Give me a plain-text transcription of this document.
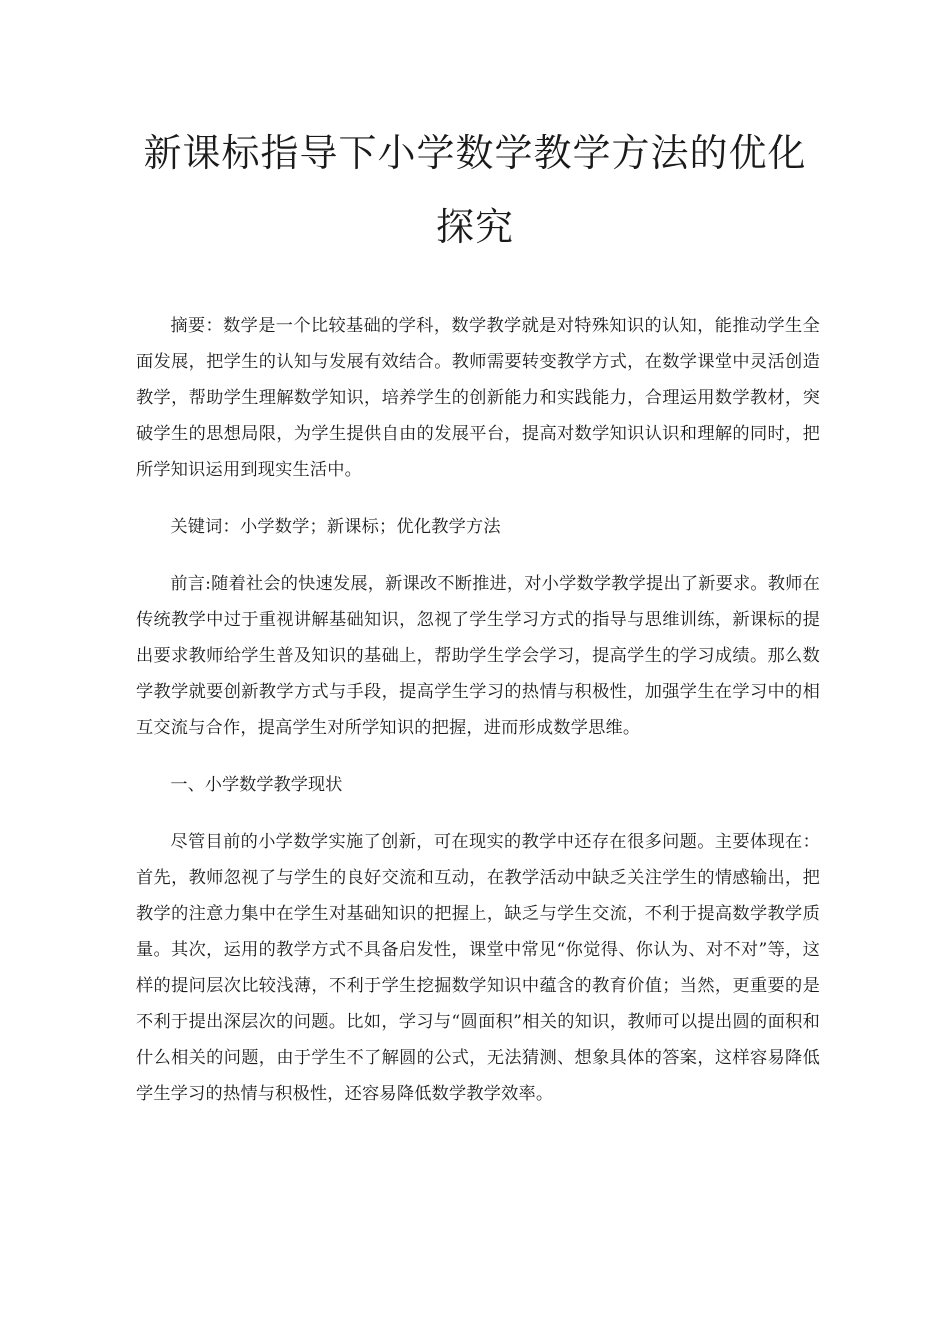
新课标指导下小学数学教学方法的优化
探究

摘要：数学是一个比较基础的学科，数学教学就是对特殊知识的认知，能推动学生全面发展，把学生的认知与发展有效结合。教师需要转变教学方式，在数学课堂中灵活创造教学，帮助学生理解数学知识，培养学生的创新能力和实践能力，合理运用数学教材，突破学生的思想局限，为学生提供自由的发展平台，提高对数学知识认识和理解的同时，把所学知识运用到现实生活中。

关键词：小学数学；新课标；优化教学方法

前言:随着社会的快速发展，新课改不断推进，对小学数学教学提出了新要求。教师在传统教学中过于重视讲解基础知识，忽视了学生学习方式的指导与思维训练，新课标的提出要求教师给学生普及知识的基础上，帮助学生学会学习，提高学生的学习成绩。那么数学教学就要创新教学方式与手段，提高学生学习的热情与积极性，加强学生在学习中的相互交流与合作，提高学生对所学知识的把握，进而形成数学思维。

一、小学数学教学现状

尽管目前的小学数学实施了创新，可在现实的教学中还存在很多问题。主要体现在：首先，教师忽视了与学生的良好交流和互动，在教学活动中缺乏关注学生的情感输出，把教学的注意力集中在学生对基础知识的把握上，缺乏与学生交流，不利于提高数学教学质量。其次，运用的教学方式不具备启发性，课堂中常见“你觉得、你认为、对不对”等，这样的提问层次比较浅薄，不利于学生挖掘数学知识中蕴含的教育价值；当然，更重要的是不利于提出深层次的问题。比如，学习与“圆面积”相关的知识，教师可以提出圆的面积和什么相关的问题，由于学生不了解圆的公式，无法猜测、想象具体的答案，这样容易降低学生学习的热情与积极性，还容易降低数学教学效率。
